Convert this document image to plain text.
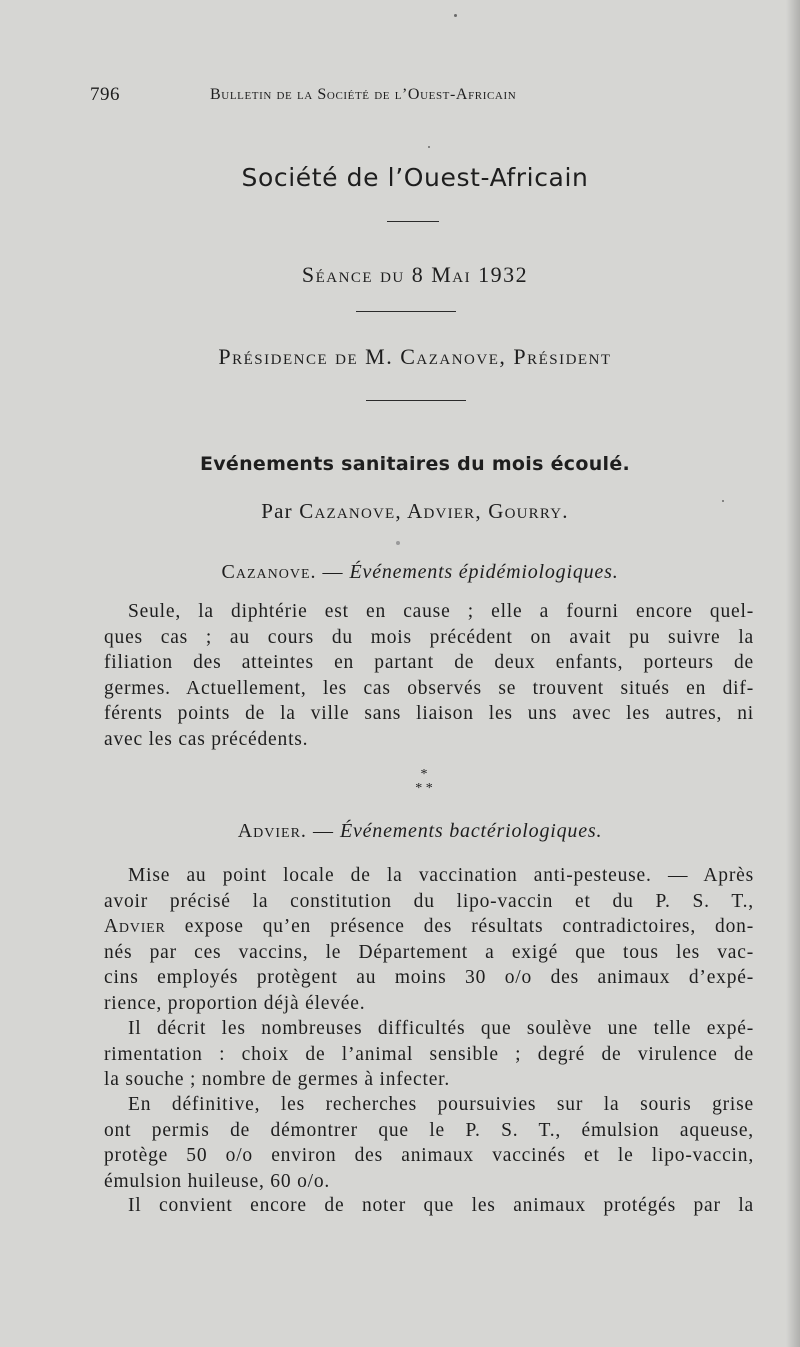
796	Bulletin de la Société de l’Ouest-Africain
Société de l’Ouest-Africain
Séance du 8 Mai 1932
Présidence de M. Cazanove, Président
Evénements sanitaires du mois écoulé.
Par Cazanove, Advier, Gourry.
Cazanove. — Événements épidémiologiques.
Seule, la diphtérie est en cause ; elle a fourni encore quel-
ques cas ; au cours du mois précédent on avait pu suivre la
filiation des atteintes en partant de deux enfants, porteurs de
germes. Actuellement, les cas observés se trouvent situés en dif-
férents points de la ville sans liaison les uns avec les autres, ni
avec les cas précédents.
*
* *
Advier. — Événements bactériologiques.
Mise au point locale de la vaccination anti-pesteuse. — Après
avoir précisé la constitution du lipo-vaccin et du P. S. T.,
Advier expose qu’en présence des résultats contradictoires, don-
nés par ces vaccins, le Département a exigé que tous les vac-
cins employés protègent au moins 30 o/o des animaux d’expé-
rience, proportion déjà élevée.
Il décrit les nombreuses difficultés que soulève une telle expé-
rimentation : choix de l’animal sensible ; degré de virulence de
la souche ; nombre de germes à infecter.
En définitive, les recherches poursuivies sur la souris grise
ont permis de démontrer que le P. S. T., émulsion aqueuse,
protège 50 o/o environ des animaux vaccinés et le lipo-vaccin,
émulsion huileuse, 60 o/o.
Il convient encore de noter que les animaux protégés par la
